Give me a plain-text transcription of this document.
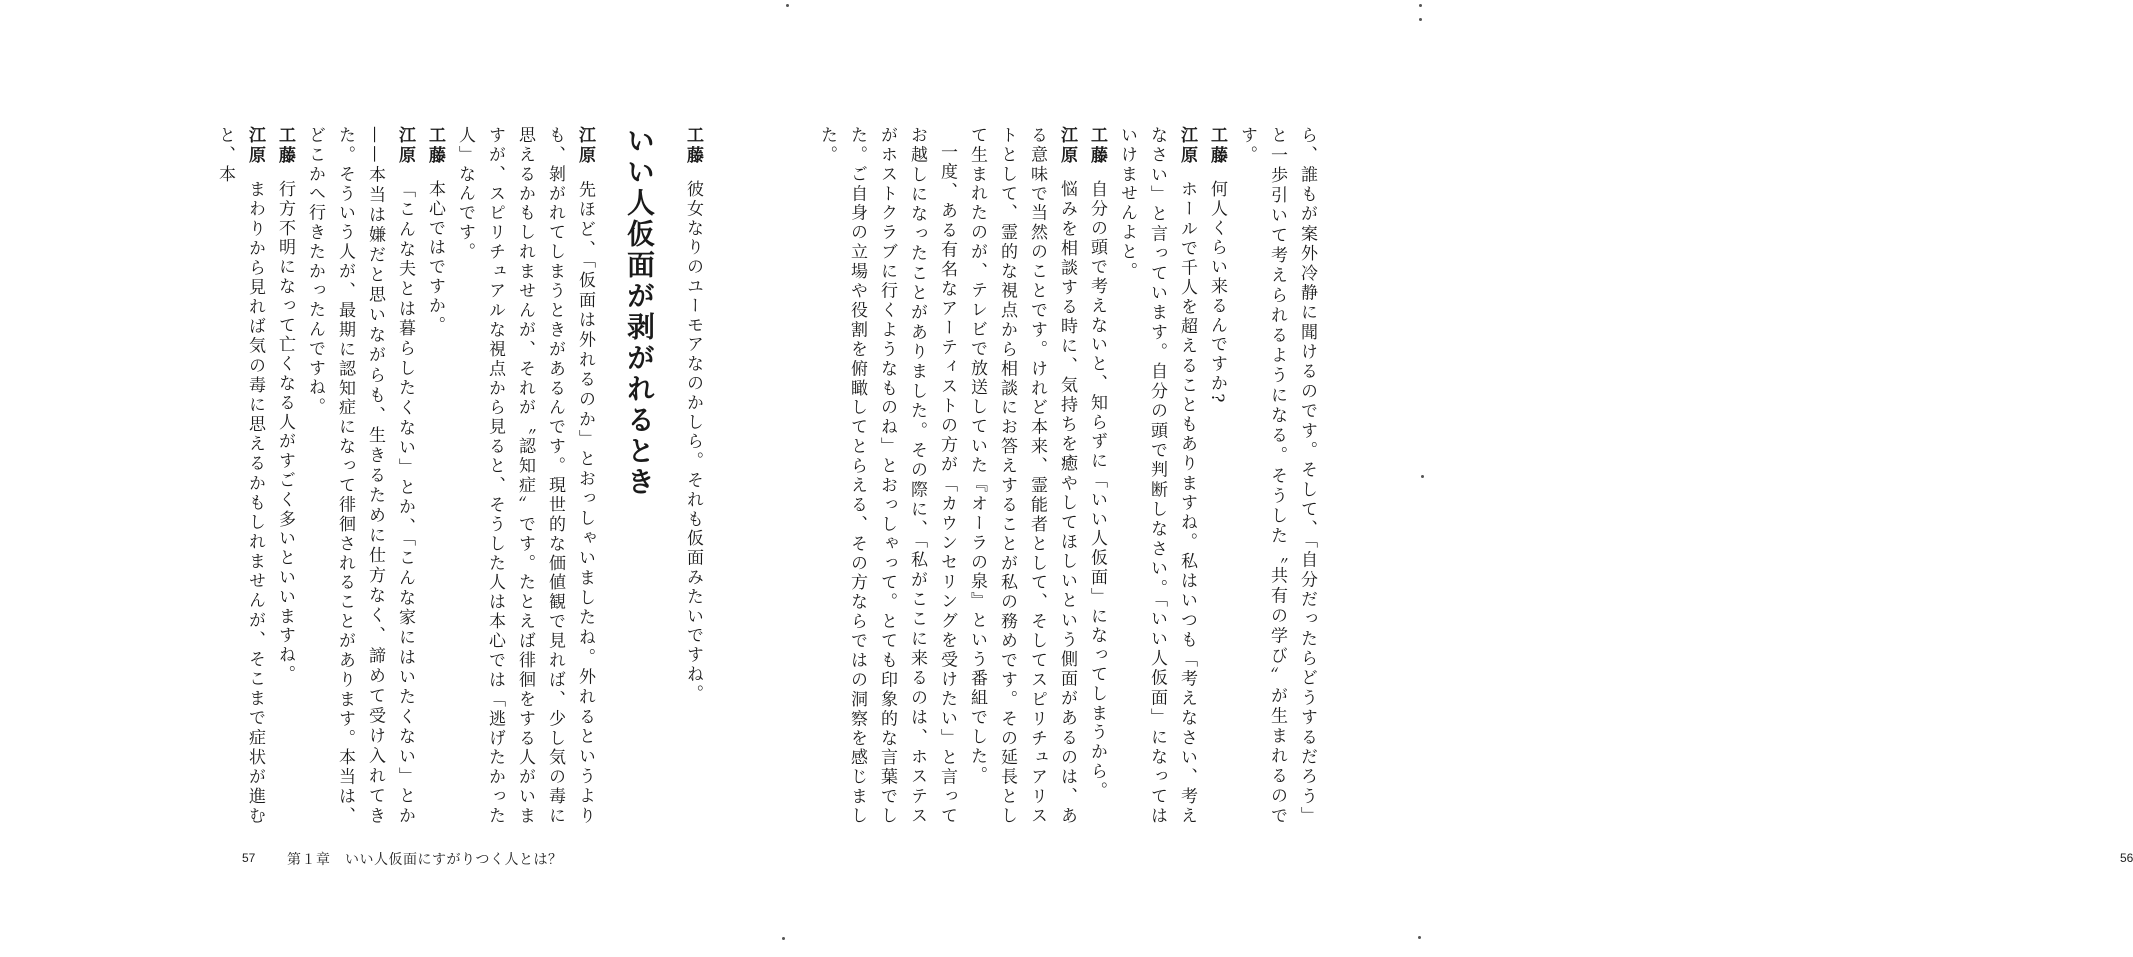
工藤彼女なりのユーモアなのかしら。それも仮面みたいですね。

いい人仮面が剥がれるとき

江原先ほど、「仮面は外れるのか」とおっしゃいましたね。外れるというよりも、剝がれてしまうときがあるんです。現世的な価値観で見れば、少し気の毒に思えるかもしれませんが、それが〝認知症〟です。たとえば徘徊をする人がいますが、スピリチュアルな視点から見ると、そうした人は本心では「逃げたかった人」なんです。

工藤本心ではですか。

江原「こんな夫とは暮らしたくない」とか、「こんな家にはいたくない」とか——本当は嫌だと思いながらも、生きるために仕方なく、諦めて受け入れてきた。そういう人が、最期に認知症になって徘徊されることがあります。本当は、どこかへ行きたかったんですね。

工藤行方不明になって亡くなる人がすごく多いといいますね。

江原まわりから見れば気の毒に思えるかもしれませんが、そこまで症状が進むと、本

57 第１章　いい人仮面にすがりつく人とは？

ら、誰もが案外冷静に聞けるのです。そして、「自分だったらどうするだろう」と一歩引いて考えられるようになる。そうした〝共有の学び〟が生まれるのです。

工藤何人くらい来るんですか?

江原ホールで千人を超えることもありますね。私はいつも「考えなさい、考えなさい」と言っています。自分の頭で判断しなさい。「いい人仮面」になってはいけませんよと。

工藤自分の頭で考えないと、知らずに「いい人仮面」になってしまうから。

江原悩みを相談する時に、気持ちを癒やしてほしいという側面があるのは、ある意味で当然のことです。けれど本来、霊能者として、そしてスピリチュアリストとして、霊的な視点から相談にお答えすることが私の務めです。その延長として生まれたのが、テレビで放送していた『オーラの泉』という番組でした。

一度、ある有名なアーティストの方が「カウンセリングを受けたい」と言ってお越しになったことがありました。その際に、「私がここに来るのは、ホステスがホストクラブに行くようなものね」とおっしゃって。とても印象的な言葉でした。ご自身の立場や役割を俯瞰してとらえる、その方ならではの洞察を感じました。

56
